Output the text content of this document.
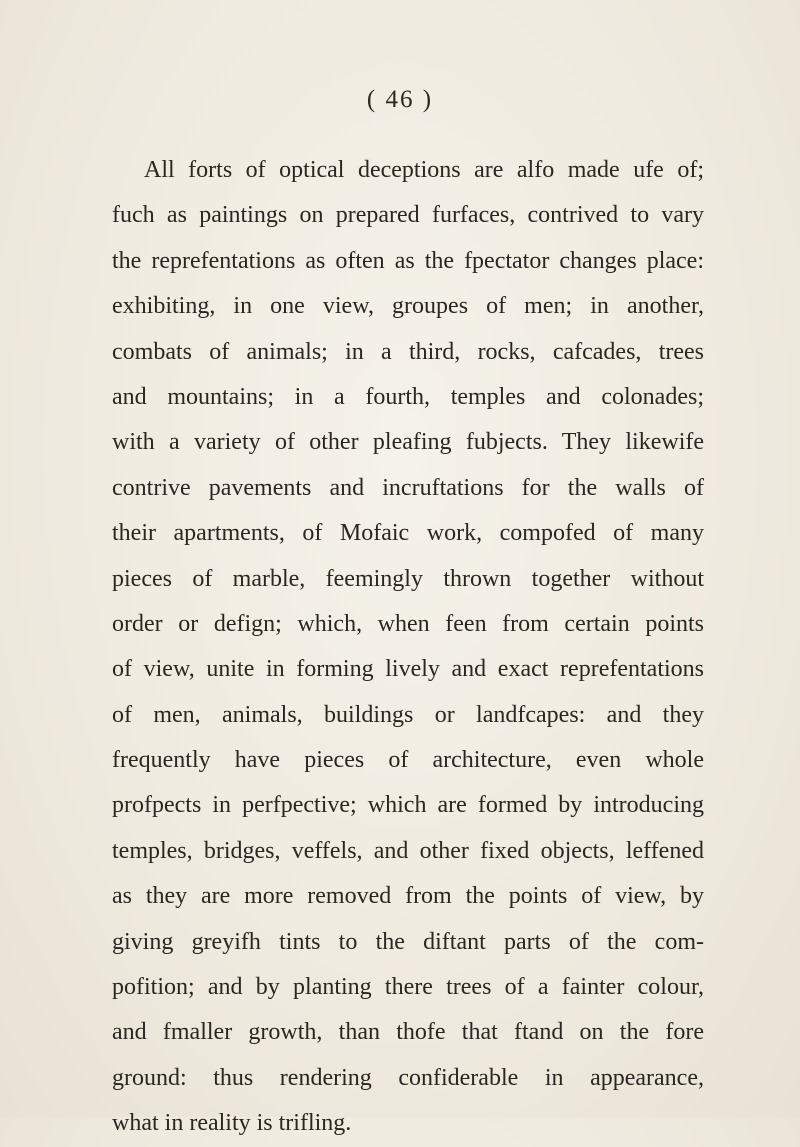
( 46 )
All forts of optical deceptions are alfo made ufe of;
fuch as paintings on prepared furfaces, contrived to vary
the reprefentations as often as the fpectator changes place:
exhibiting, in one view, groupes of men; in another,
combats of animals; in a third, rocks, cafcades, trees
and mountains; in a fourth, temples and colonades;
with a variety of other pleafing fubjects. They likewife
contrive pavements and incruftations for the walls of
their apartments, of Mofaic work, compofed of many
pieces of marble, feemingly thrown together without
order or defign; which, when feen from certain points
of view, unite in forming lively and exact reprefentations
of men, animals, buildings or landfcapes: and they
frequently have pieces of architecture, even whole
profpects in perfpective; which are formed by introducing
temples, bridges, veffels, and other fixed objects, leffened
as they are more removed from the points of view, by
giving greyifh tints to the diftant parts of the com-
pofition; and by planting there trees of a fainter colour,
and fmaller growth, than thofe that ftand on the fore
ground: thus rendering confiderable in appearance,
what in reality is trifling.
